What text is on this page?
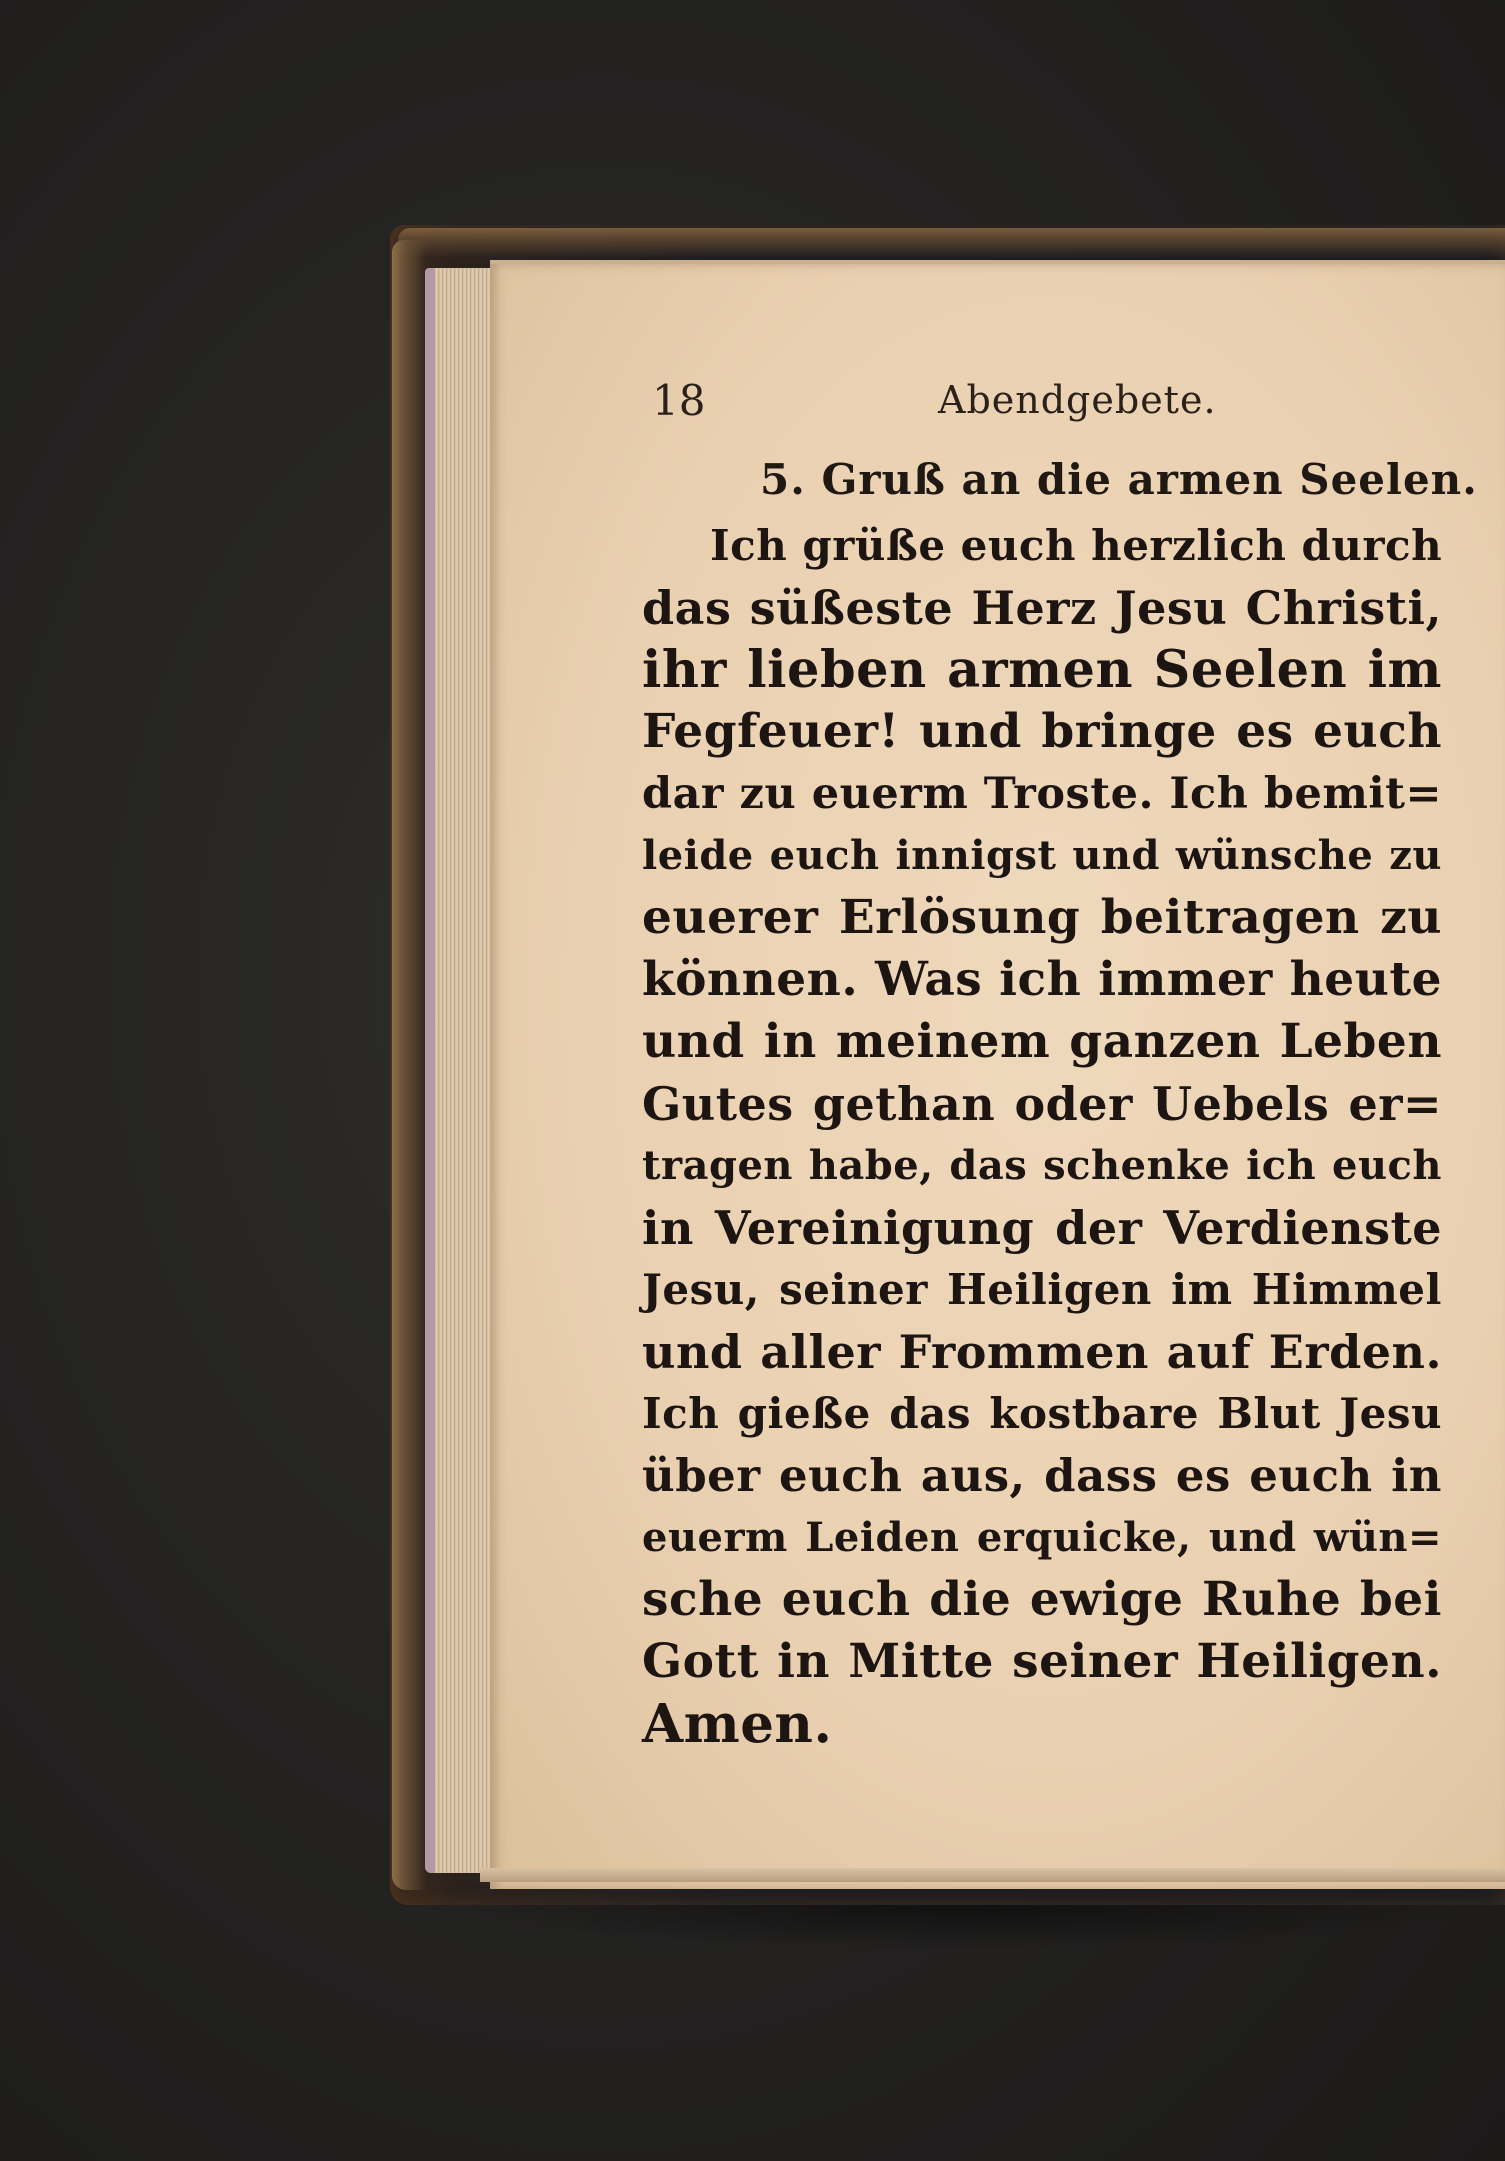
18	Abendgebete.
5. Gruß an die armen Seelen.
Ich grüße euch herzlich durch
das süßeste Herz Jesu Christi,
ihr lieben armen Seelen im
Fegfeuer! und bringe es euch
dar zu euerm Troste. Ich bemit=
leide euch innigst und wünsche zu
euerer Erlösung beitragen zu
können. Was ich immer heute
und in meinem ganzen Leben
Gutes gethan oder Uebels er=
tragen habe, das schenke ich euch
in Vereinigung der Verdienste
Jesu, seiner Heiligen im Himmel
und aller Frommen auf Erden.
Ich gieße das kostbare Blut Jesu
über euch aus, dass es euch in
euerm Leiden erquicke, und wün=
sche euch die ewige Ruhe bei
Gott in Mitte seiner Heiligen.
Amen.
